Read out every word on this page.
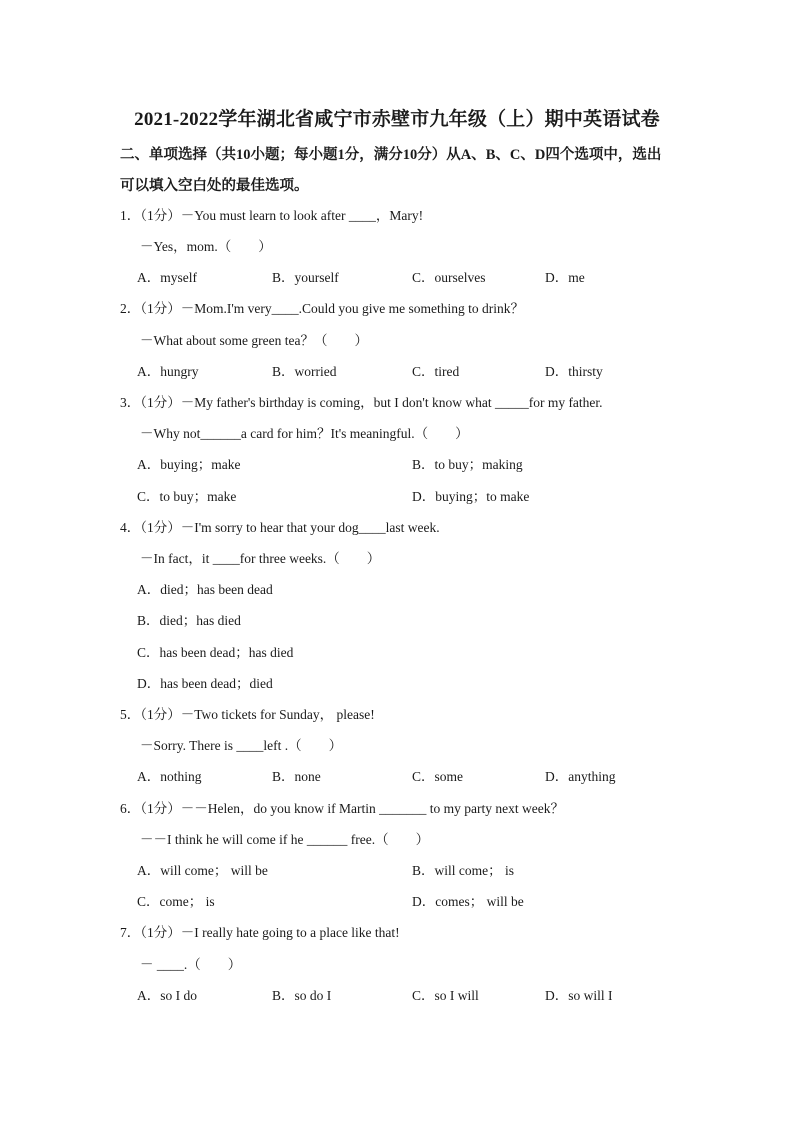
2021-2022学年湖北省咸宁市赤壁市九年级（上）期中英语试卷
二、单项选择（共10小题；每小题1分，满分10分）从A、B、C、D四个选项中，选出
可以填入空白处的最佳选项。
1．（1分）－You must learn to look after ____，Mary!
－Yes，mom.（　　）
A．myself	B．yourself	C．ourselves	D．me
2．（1分）－Mom.I'm very____.Could you give me something to drink？
－What about some green tea？（　　）
A．hungry	B．worried	C．tired	D．thirsty
3．（1分）－My father's birthday is coming，but I don't know what _____for my father.
－Why not______a card for him？It's meaningful.（　　）
A．buying；make	B．to buy；making
C．to buy；make	D．buying；to make
4．（1分）－I'm sorry to hear that your dog____last week.
－In fact，it ____for three weeks.（　　）
A．died；has been dead
B．died；has died
C．has been dead；has died
D．has been dead；died
5．（1分）－Two tickets for Sunday， please!
－Sorry. There is ____left .（　　）
A．nothing	B．none	C．some	D．anything
6．（1分）－－Helen，do you know if Martin _______ to my party next week？
－－I think he will come if he ______ free.（　　）
A．will come； will be	B．will come； is
C．come； is	D．comes； will be
7．（1分）－I really hate going to a place like that!
－ ____.（　　）
A．so I do	B．so do I	C．so I will	D．so will I
